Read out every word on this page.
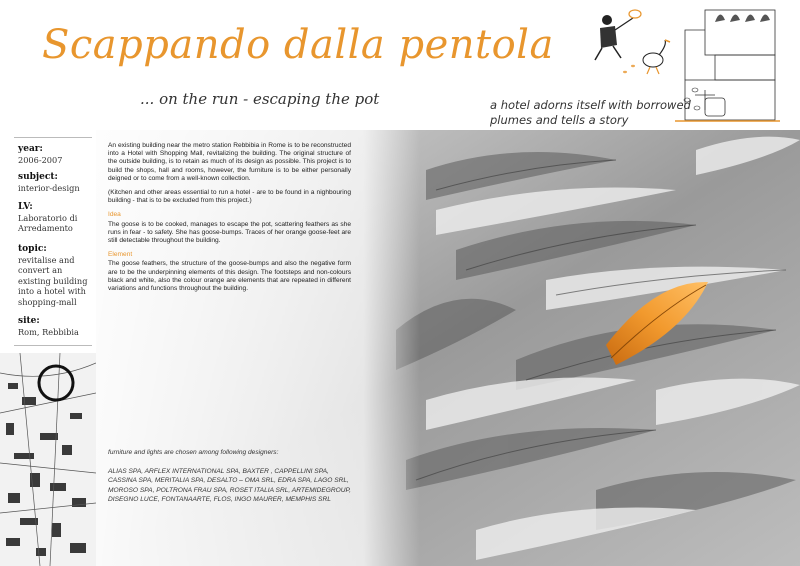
Scappando dalla pentola
... on the run - escaping the pot	a hotel adorns itself with borrowed plumes and tells a story
year:
2006-2007
subject:
interior-design
LV:
Laboratorio di Arredamento
topic:
revitalise and convert an existing building into a hotel with shopping-mall
site:
Rom, Rebbibia

An existing building near the metro station Rebbibia in Rome is to be reconstructed into a Hotel with Shopping Mall, revitalizing the building. The original structure of the outside building, is to retain as much of its design as possible. This project is to build the shops, hall and rooms, however, the furniture is to be either personally deigned or to come from a well-known collection.

(Kitchen and other areas essential to run a hotel - are to be found in a nighbouring building - that is to be excluded from this project.)

Idea

The goose is to be cooked, manages to escape the pot, scattering feathers as she runs in fear - to safety. She has goose-bumps. Traces of her orange goose-feet are still detectable throughout the building.

Element

The goose feathers, the structure of the goose-bumps and also the negative form are to be the underpinning elements of this design. The footsteps and non-colours black and white, also the colour orange are elements that are repeated in different variations and functions throughout the building.

furniture and lights are chosen among following designers:

ALIAS SPA, ARFLEX INTERNATIONAL SPA, BAXTER , CAPPELLINI SPA, CASSINA SPA, MERITALIA SPA, DESALTO – OMA SRL, EDRA SPA, LAGO SRL, MOROSO SPA, POLTRONA FRAU SPA, ROSET ITALIA SRL, ARTEMIDEGROUP, DISEGNO LUCE, FONTANAARTE, FLOS, INGO MAURER, MEMPHIS SRL
